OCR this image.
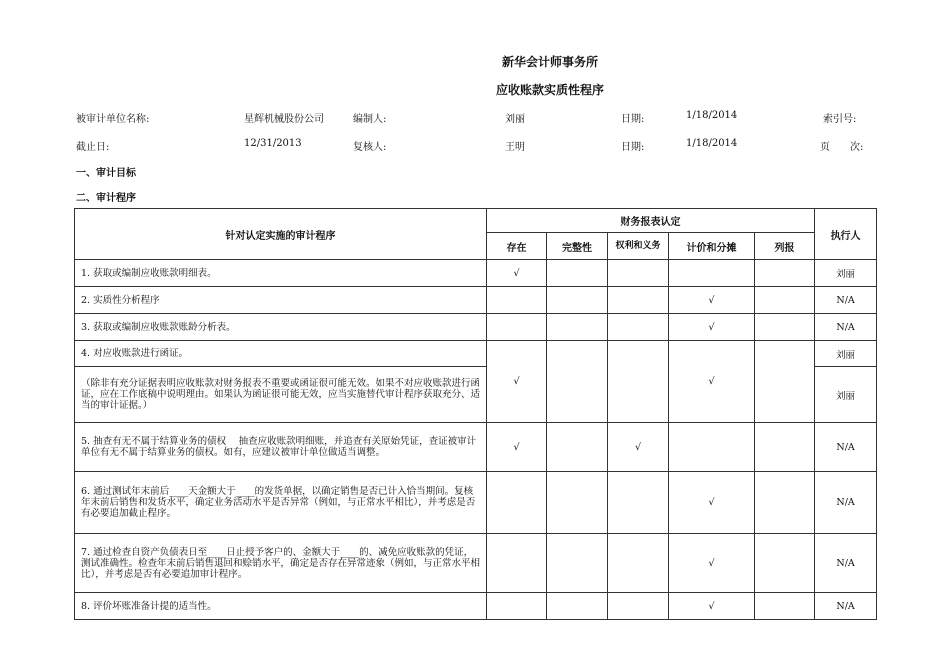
新华会计师事务所
应收账款实质性程序
被审计单位名称:	星辉机械股份公司	编制人:	刘丽	日期:	1/18/2014	索引号:
截止日:	12/31/2013	复核人:	王明	日期:	1/18/2014	页　　次:
一、审计目标
二、审计程序
针对认定实施的审计程序	财务报表认定					执行人
	存在	完整性	权利和义务	计价和分摊	列报	
1. 获取或编制应收账款明细表。	√					刘丽
2. 实质性分析程序				√		N/A
3. 获取或编制应收账款账龄分析表。				√		N/A
4. 对应收账款进行函证。	√			√		刘丽
（除非有充分证据表明应收账款对财务报表不重要或函证很可能无效。如果不对应收账款进行函证，应在工作底稿中说明理由。如果认为函证很可能无效，应当实施替代审计程序获取充分、适当的审计证据。）						刘丽
5. 抽查有无不属于结算业务的债权　 抽查应收账款明细账，并追查有关原始凭证，查证被审计单位有无不属于结算业务的债权。如有，应建议被审计单位做适当调整。	√		√			N/A
6. 通过测试年末前后____天金额大于____的发货单据，以确定销售是否已计入恰当期间。复核年末前后销售和发货水平，确定业务活动水平是否异常（例如，与正常水平相比），并考虑是否有必要追加截止程序。				√		N/A
7. 通过检查自资产负债表日至____日止授予客户的、金额大于____的、减免应收账款的凭证，测试准确性。检查年末前后销售退回和赊销水平，确定是否存在异常迹象（例如，与正常水平相比），并考虑是否有必要追加审计程序。				√		N/A
8. 评价坏账准备计提的适当性。				√		N/A
